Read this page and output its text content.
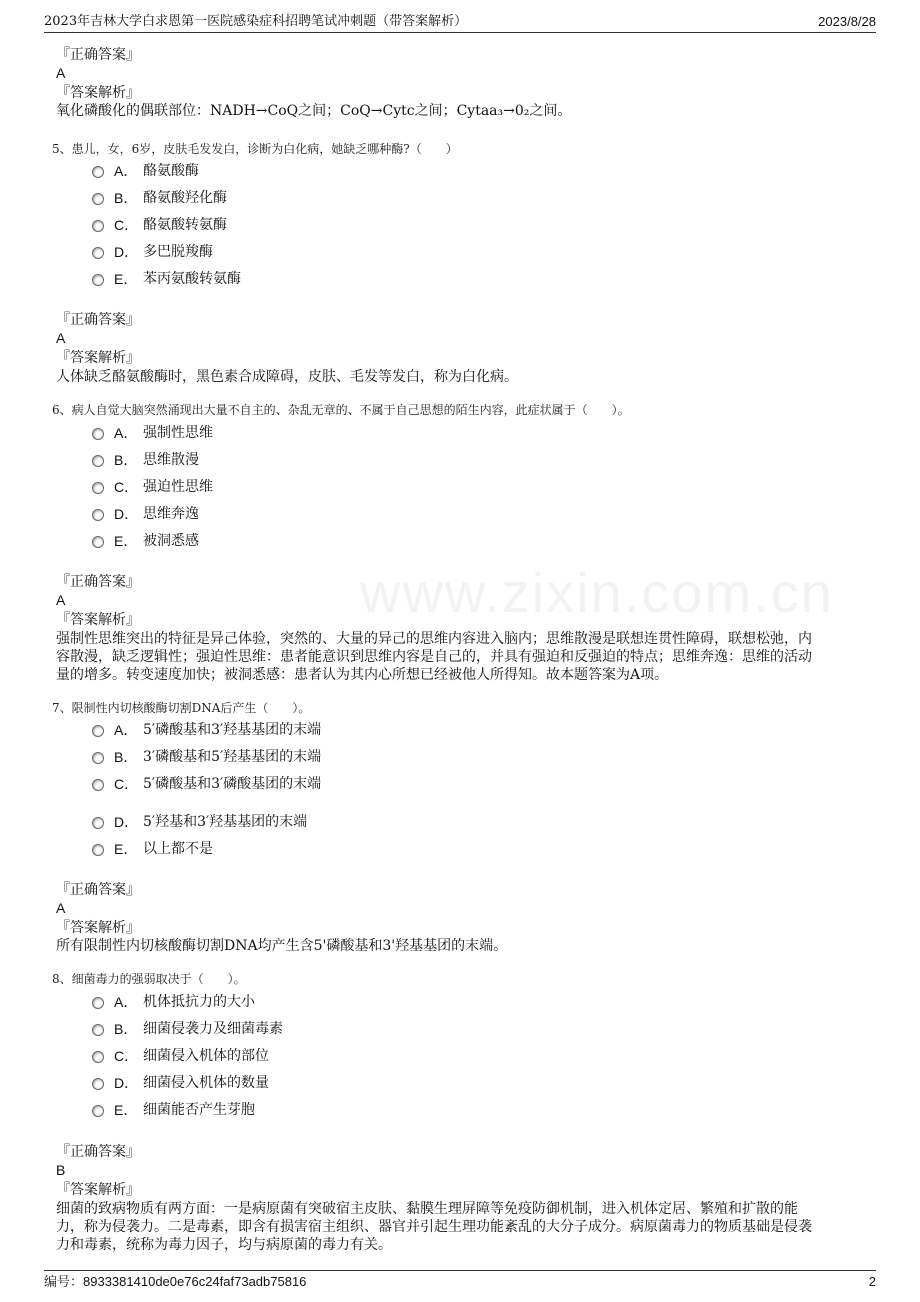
2023年吉林大学白求恩第一医院感染症科招聘笔试冲刺题（带答案解析）	2023/8/28
www.zixin.com.cn
『正确答案』
A
『答案解析』
氧化磷酸化的偶联部位：NADH→CoQ之间；CoQ→Cytc之间；Cytaa₃→0₂之间。
5、患儿，女，6岁，皮肤毛发发白，诊断为白化病，她缺乏哪种酶?（　　）
A． 酪氨酸酶
B． 酪氨酸羟化酶
C． 酪氨酸转氨酶
D． 多巴脱羧酶
E． 苯丙氨酸转氨酶
『正确答案』
A
『答案解析』
人体缺乏酪氨酸酶时，黑色素合成障碍，皮肤、毛发等发白，称为白化病。
6、病人自觉大脑突然涌现出大量不自主的、杂乱无章的、不属于自己思想的陌生内容，此症状属于（　　）。
A． 强制性思维
B． 思维散漫
C． 强迫性思维
D． 思维奔逸
E． 被洞悉感
『正确答案』
A
『答案解析』
强制性思维突出的特征是异己体验，突然的、大量的异己的思维内容进入脑内；思维散漫是联想连贯性障碍，联想松弛，内
容散漫，缺乏逻辑性；强迫性思维：患者能意识到思维内容是自己的，并具有强迫和反强迫的特点；思维奔逸：思维的活动
量的增多。转变速度加快；被洞悉感：患者认为其内心所想已经被他人所得知。故本题答案为A项。
7、限制性内切核酸酶切割DNA后产生（　　）。
A． 5′磷酸基和3′羟基基团的末端
B． 3′磷酸基和5′羟基基团的末端
C． 5′磷酸基和3′磷酸基团的末端
D． 5′羟基和3′羟基基团的末端
E． 以上都不是
『正确答案』
A
『答案解析』
所有限制性内切核酸酶切割DNA均产生含5'磷酸基和3'羟基基团的末端。
8、细菌毒力的强弱取决于（　　）。
A． 机体抵抗力的大小
B． 细菌侵袭力及细菌毒素
C． 细菌侵入机体的部位
D． 细菌侵入机体的数量
E． 细菌能否产生芽胞
『正确答案』
B
『答案解析』
细菌的致病物质有两方面：一是病原菌有突破宿主皮肤、黏膜生理屏障等免疫防御机制，进入机体定居、繁殖和扩散的能
力，称为侵袭力。二是毒素，即含有损害宿主组织、器官并引起生理功能紊乱的大分子成分。病原菌毒力的物质基础是侵袭
力和毒素，统称为毒力因子，均与病原菌的毒力有关。
编号：8933381410de0e76c24faf73adb75816	2
